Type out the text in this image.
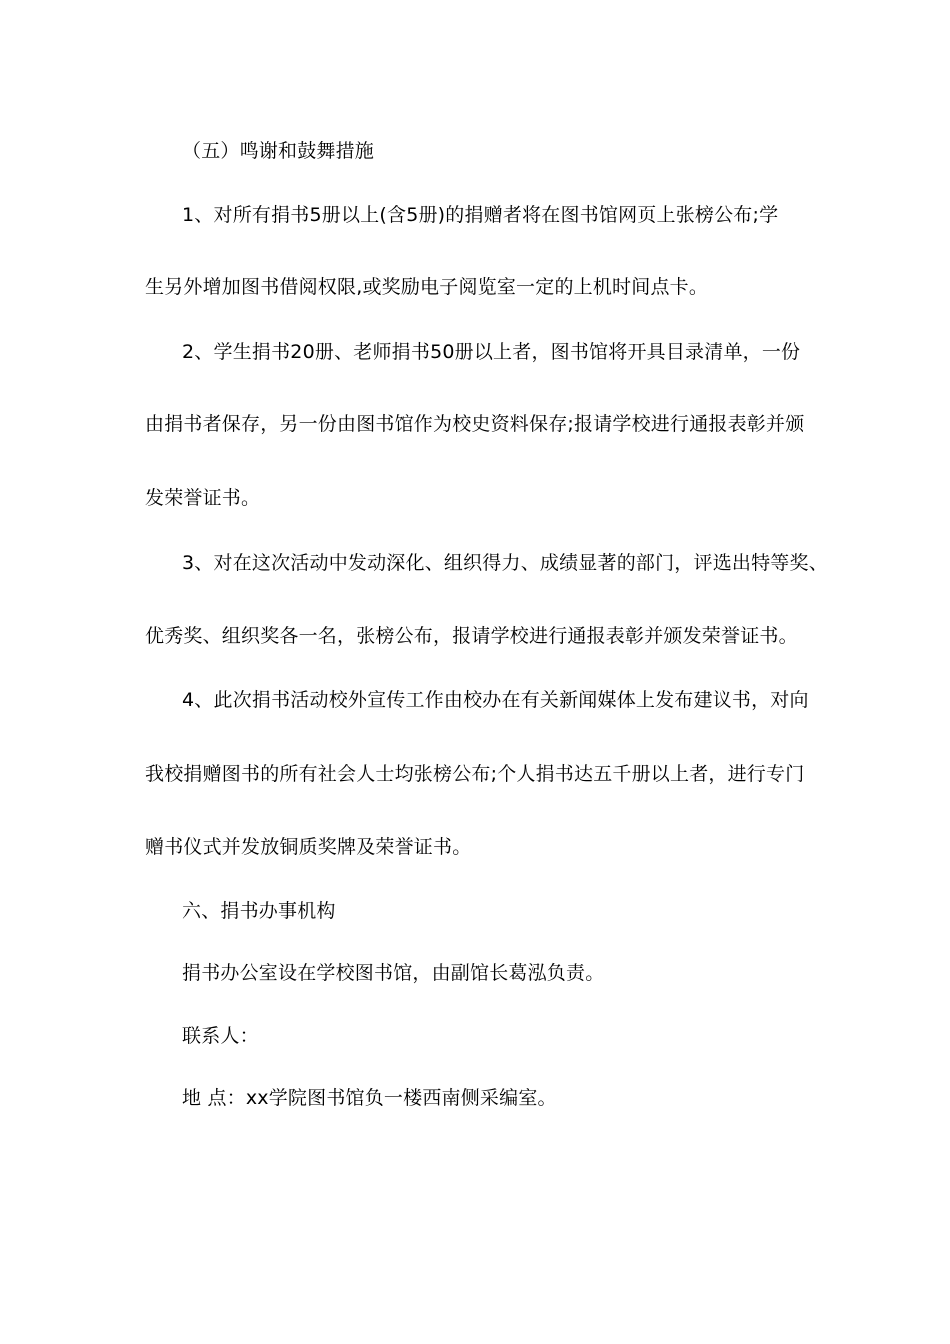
（五）鸣谢和鼓舞措施
1、对所有捐书5册以上(含5册)的捐赠者将在图书馆网页上张榜公布;学
生另外增加图书借阅权限,或奖励电子阅览室一定的上机时间点卡。
2、学生捐书20册、老师捐书50册以上者，图书馆将开具目录清单，一份
由捐书者保存，另一份由图书馆作为校史资料保存;报请学校进行通报表彰并颁
发荣誉证书。
3、对在这次活动中发动深化、组织得力、成绩显著的部门，评选出特等奖、
优秀奖、组织奖各一名，张榜公布，报请学校进行通报表彰并颁发荣誉证书。
4、此次捐书活动校外宣传工作由校办在有关新闻媒体上发布建议书，对向
我校捐赠图书的所有社会人士均张榜公布;个人捐书达五千册以上者，进行专门
赠书仪式并发放铜质奖牌及荣誉证书。
六、捐书办事机构
捐书办公室设在学校图书馆，由副馆长葛泓负责。
联系人：
地 点：xx学院图书馆负一楼西南侧采编室。
